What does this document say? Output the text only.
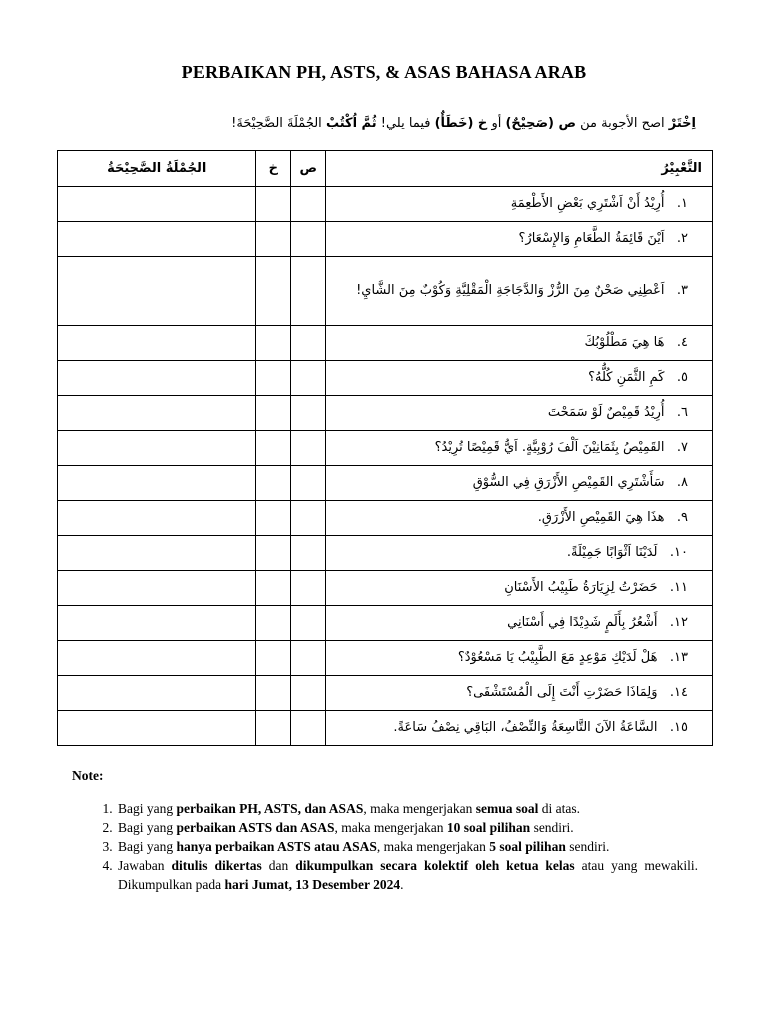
PERBAIKAN PH, ASTS, & ASAS BAHASA ARAB
اِخْتَرْ اصح الأجوبة من ص (صَحِيْحٌ) أو خ (خَطَأٌ) فيما يلي! ثُمَّ اُكْتُبْ الجُمْلَةَ الصَّحِيْحَةَ!
التَّعْبِيْرُ	ص	خ	الجُمْلَةُ الصَّحِيْحَةُ
١.   أُرِيْدُ أَنْ اَشْتَرِي بَعْضِ الأَطْعِمَةِ			
٢.   اَيْنَ قَائِمَةُ الطَّعَامِ وَالإِسْعَارُ؟			
٣.   اَعْطِنِي صَحْنٌ مِنَ الرُّزْ وَالدَّجَاجَةِ الْمَقْلِيَّةِ وَكُوْبٌ مِنَ الشَّايِ!			
٤.   هَا هِيَ مَطْلُوْبُكَ			
٥.   كَمِ الثَّمَنِ كُلُّهُ؟			
٦.   أُرِيْدُ قَمِيْصٌ لَوْ سَمَحْتَ			
٧.   القَمِيْصُ بِثَمَانِيْنَ اَلْفَ رُوْبِيَّةٍ. اَيُّ قَمِيْصًا تُرِيْدُ؟			
٨.   سَأَشْتَرِي القَمِيْصِ الأَزْرَقِ فِي السُّوْقِ			
٩.   هذَا هِيَ القَمِيْصِ الأَزْرَقِ.			
١٠.   لَدَيْنَا اَثْوَابًا جَمِيْلَةً.			
١١.   حَضَرْتُ لِزِيَارَةُ طَبِيْبُ الأَسْنَانِ			
١٢.   أَشْعُرُ بِأَلَمٍ شَدِيْدًا فِي أَسْنَانِي			
١٣.   هَلْ لَدَيْكِ مَوْعِدٍ مَعَ الطَّبِيْبُ يَا مَسْعُوْدٌ؟			
١٤.   وَلِمَاذَا حَضَرْتِ أَنْتَ إِلَى الْمُسْتَشْفَى؟			
١٥.   السَّاعَةُ الآنَ التَّاسِعَةُ وَالنِّصْفُ، البَاقِي نِصْفُ سَاعَةً.			
Note:
1. Bagi yang perbaikan PH, ASTS, dan ASAS, maka mengerjakan semua soal di atas.
2. Bagi yang perbaikan ASTS dan ASAS, maka mengerjakan 10 soal pilihan sendiri.
3. Bagi yang hanya perbaikan ASTS atau ASAS, maka mengerjakan 5 soal pilihan sendiri.
4. Jawaban ditulis dikertas dan dikumpulkan secara kolektif oleh ketua kelas atau yang mewakili. Dikumpulkan pada hari Jumat, 13 Desember 2024.
